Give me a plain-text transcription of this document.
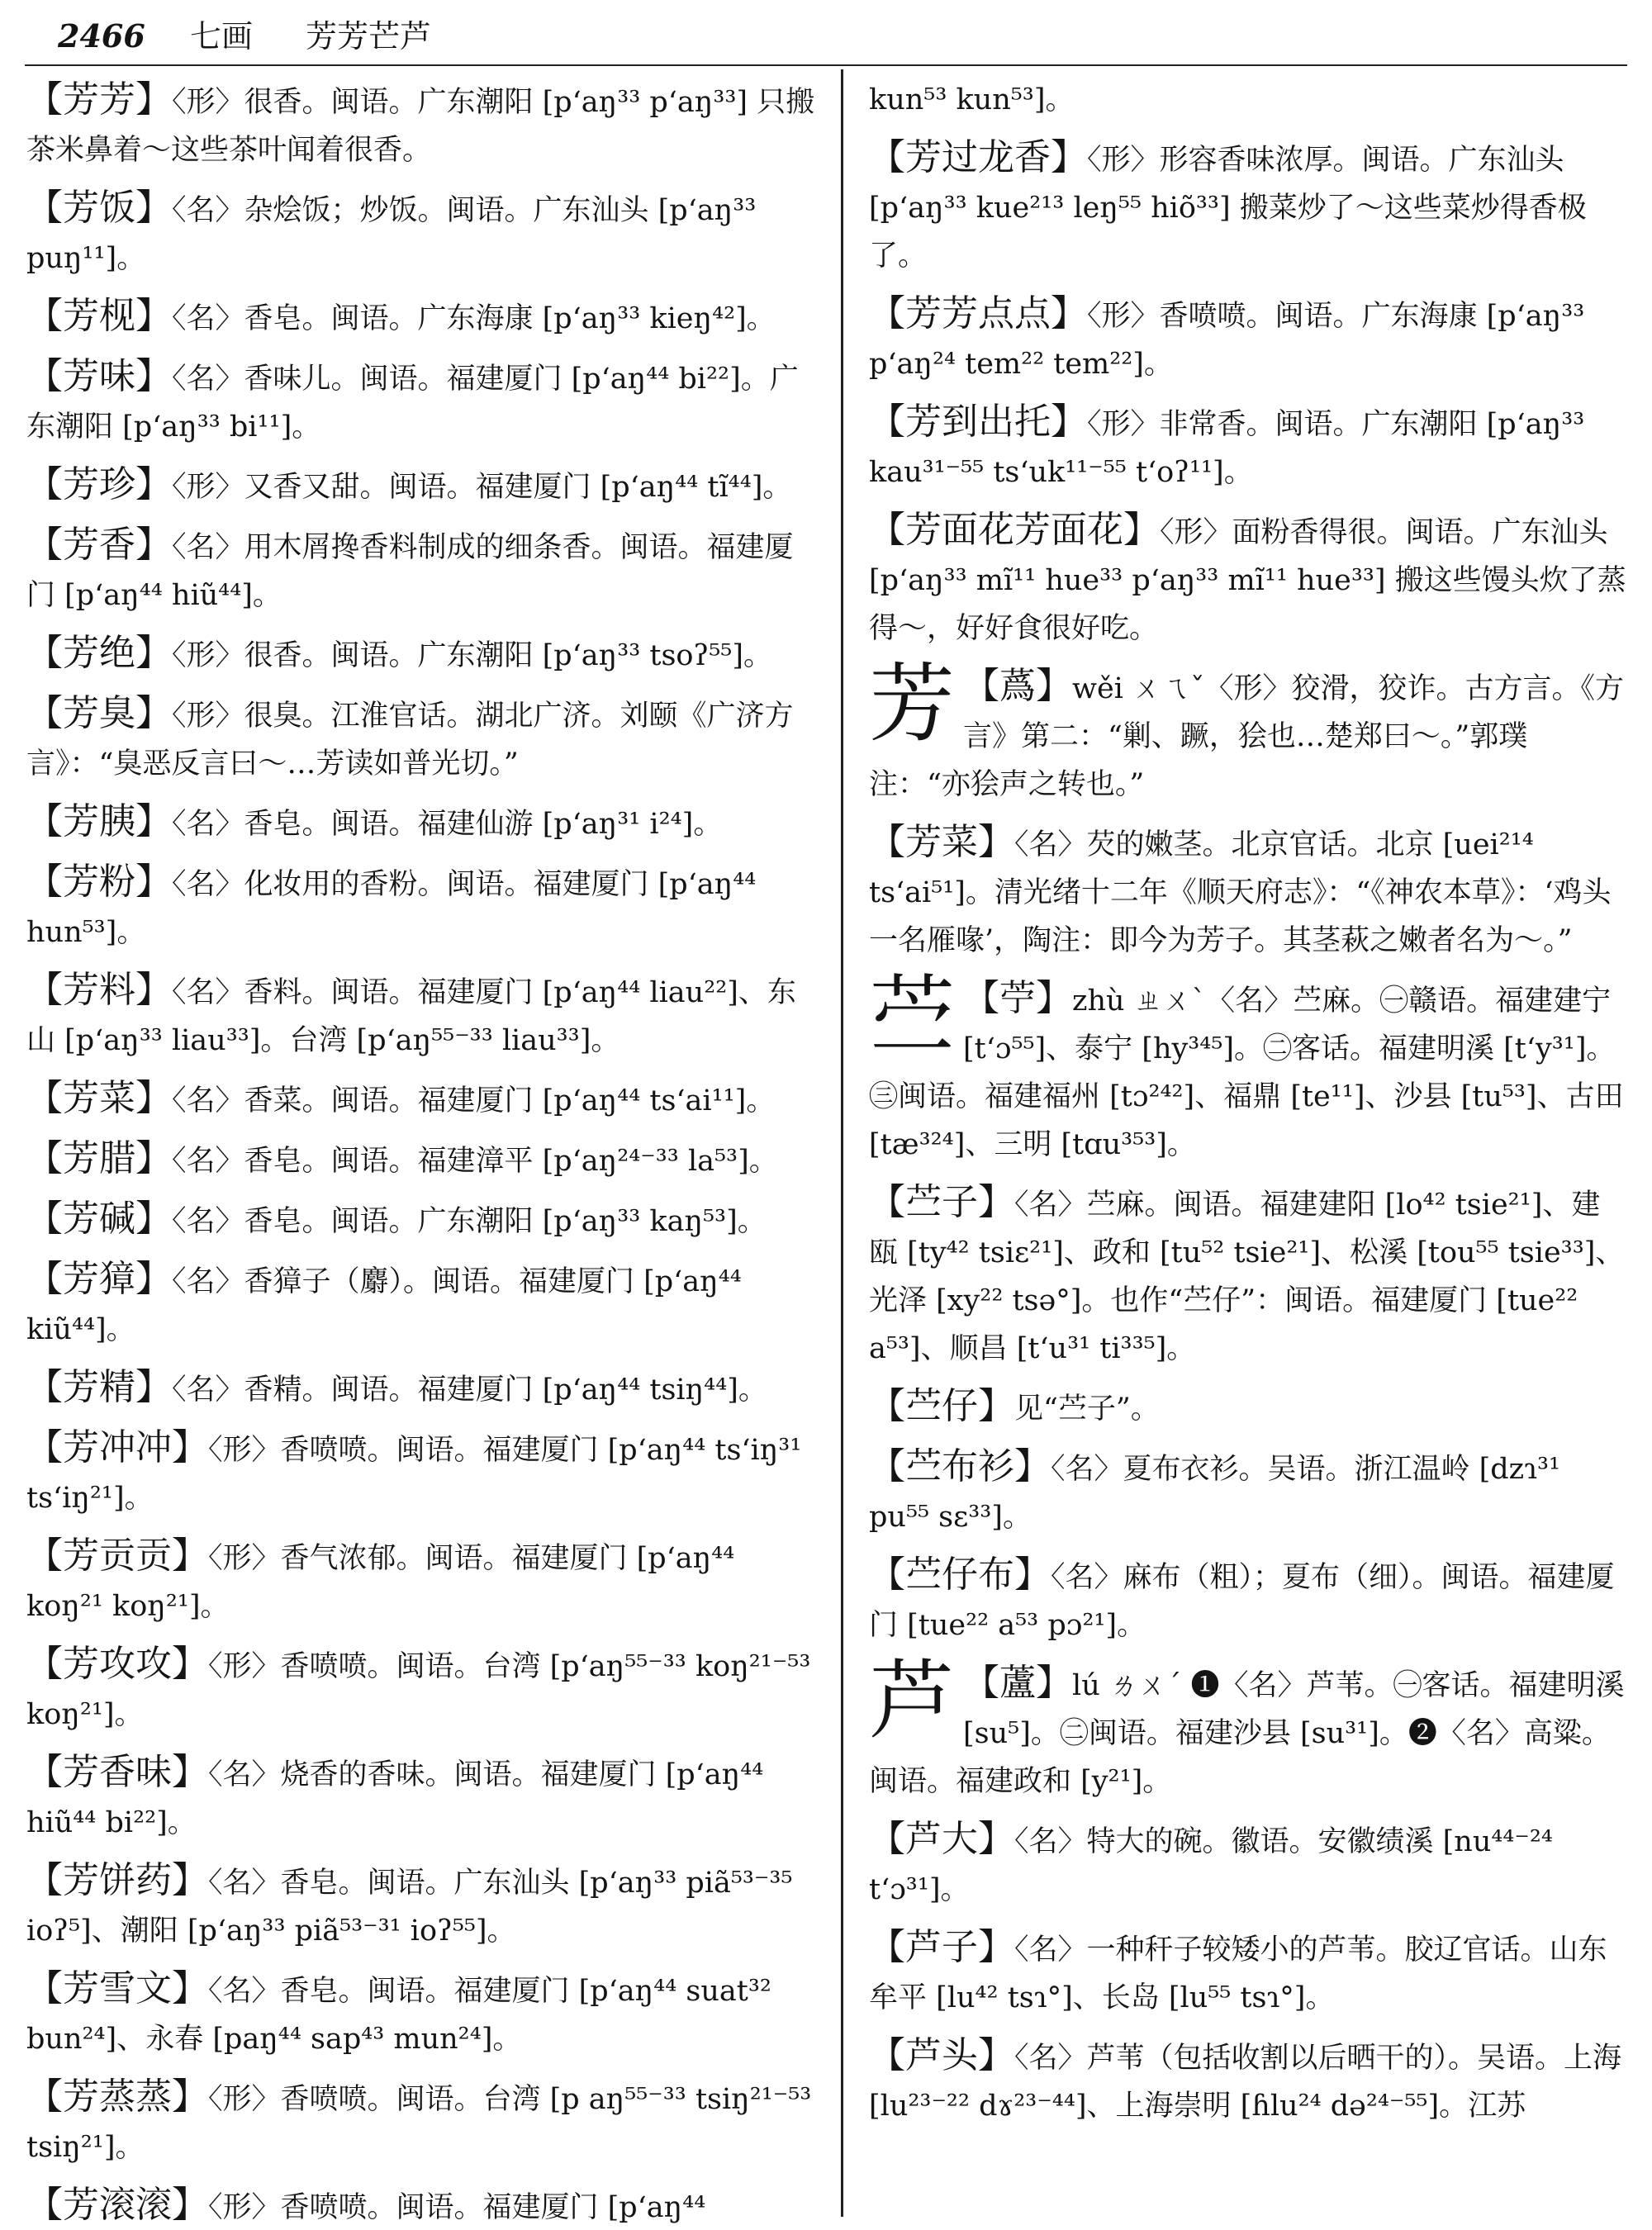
2466 七画 芳芳芒芦
【芳芳】〈形〉很香。闽语。广东潮阳 [p‘aŋ³³ p‘aŋ³³] 只搬茶米鼻着～这些茶叶闻着很香。
【芳饭】〈名〉杂烩饭；炒饭。闽语。广东汕头 [p‘aŋ³³ puŋ¹¹]。
【芳枧】〈名〉香皂。闽语。广东海康 [p‘aŋ³³ kieŋ⁴²]。
【芳味】〈名〉香味儿。闽语。福建厦门 [p‘aŋ⁴⁴ bi²²]。广东潮阳 [p‘aŋ³³ bi¹¹]。
【芳珍】〈形〉又香又甜。闽语。福建厦门 [p‘aŋ⁴⁴ tĩ⁴⁴]。
【芳香】〈名〉用木屑搀香料制成的细条香。闽语。福建厦门 [p‘aŋ⁴⁴ hiũ⁴⁴]。
【芳绝】〈形〉很香。闽语。广东潮阳 [p‘aŋ³³ tsoʔ⁵⁵]。
【芳臭】〈形〉很臭。江淮官话。湖北广济。刘颐《广济方言》：“臭恶反言曰～…芳读如普光切。”
【芳胰】〈名〉香皂。闽语。福建仙游 [p‘aŋ³¹ i²⁴]。
【芳粉】〈名〉化妆用的香粉。闽语。福建厦门 [p‘aŋ⁴⁴ hun⁵³]。
【芳料】〈名〉香料。闽语。福建厦门 [p‘aŋ⁴⁴ liau²²]、东山 [p‘aŋ³³ liau³³]。台湾 [p‘aŋ⁵⁵⁻³³ liau³³]。
【芳菜】〈名〉香菜。闽语。福建厦门 [p‘aŋ⁴⁴ ts‘ai¹¹]。
【芳腊】〈名〉香皂。闽语。福建漳平 [p‘aŋ²⁴⁻³³ la⁵³]。
【芳碱】〈名〉香皂。闽语。广东潮阳 [p‘aŋ³³ kaŋ⁵³]。
【芳獐】〈名〉香獐子（麝）。闽语。福建厦门 [p‘aŋ⁴⁴ kiũ⁴⁴]。
【芳精】〈名〉香精。闽语。福建厦门 [p‘aŋ⁴⁴ tsiŋ⁴⁴]。
【芳冲冲】〈形〉香喷喷。闽语。福建厦门 [p‘aŋ⁴⁴ ts‘iŋ³¹ ts‘iŋ²¹]。
【芳贡贡】〈形〉香气浓郁。闽语。福建厦门 [p‘aŋ⁴⁴ koŋ²¹ koŋ²¹]。
【芳攻攻】〈形〉香喷喷。闽语。台湾 [p‘aŋ⁵⁵⁻³³ koŋ²¹⁻⁵³ koŋ²¹]。
【芳香味】〈名〉烧香的香味。闽语。福建厦门 [p‘aŋ⁴⁴ hiũ⁴⁴ bi²²]。
【芳饼药】〈名〉香皂。闽语。广东汕头 [p‘aŋ³³ piã⁵³⁻³⁵ ioʔ⁵]、潮阳 [p‘aŋ³³ piã⁵³⁻³¹ ioʔ⁵⁵]。
【芳雪文】〈名〉香皂。闽语。福建厦门 [p‘aŋ⁴⁴ suat³² bun²⁴]、永春 [paŋ⁴⁴ sap⁴³ mun²⁴]。
【芳蒸蒸】〈形〉香喷喷。闽语。台湾 [p aŋ⁵⁵⁻³³ tsiŋ²¹⁻⁵³ tsiŋ²¹]。
【芳滚滚】〈形〉香喷喷。闽语。福建厦门 [p‘aŋ⁴⁴
kun⁵³ kun⁵³]。
【芳过龙香】〈形〉形容香味浓厚。闽语。广东汕头 [p‘aŋ³³ kue²¹³ leŋ⁵⁵ hiõ³³] 搬菜炒了～这些菜炒得香极了。
【芳芳点点】〈形〉香喷喷。闽语。广东海康 [p‘aŋ³³ p‘aŋ²⁴ tem²² tem²²]。
【芳到出托】〈形〉非常香。闽语。广东潮阳 [p‘aŋ³³ kau³¹⁻⁵⁵ ts‘uk¹¹⁻⁵⁵ t‘oʔ¹¹]。
【芳面花芳面花】〈形〉面粉香得很。闽语。广东汕头 [p‘aŋ³³ mĩ¹¹ hue³³ p‘aŋ³³ mĩ¹¹ hue³³] 搬这些馒头炊了蒸得～，好好食很好吃。
芳 【蔿】wěi ㄨㄟˇ〈形〉狡滑，狡诈。古方言。《方言》第二：“剿、蹶，狯也…楚郑曰～。”郭璞注：“亦狯声之转也。”
【芳菜】〈名〉芡的嫩茎。北京官话。北京 [uei²¹⁴ ts‘ai⁵¹]。清光绪十二年《顺天府志》：“《神农本草》：‘鸡头一名雁喙’，陶注：即今为芳子。其茎萩之嫩者名为～。”
苎 【苧】zhù ㄓㄨˋ〈名〉苎麻。㊀赣语。福建建宁 [t‘ɔ⁵⁵]、泰宁 [hy³⁴⁵]。㊁客话。福建明溪 [t‘y³¹]。㊂闽语。福建福州 [tɔ²⁴²]、福鼎 [te¹¹]、沙县 [tu⁵³]、古田 [tæ³²⁴]、三明 [tɑu³⁵³]。
【苎子】〈名〉苎麻。闽语。福建建阳 [lo⁴² tsie²¹]、建瓯 [ty⁴² tsiɛ²¹]、政和 [tu⁵² tsie²¹]、松溪 [tou⁵⁵ tsie³³]、光泽 [xy²² tsə°]。也作“苎仔”：闽语。福建厦门 [tue²² a⁵³]、顺昌 [t‘u³¹ ti³³⁵]。
【苎仔】见“苎子”。
【苎布衫】〈名〉夏布衣衫。吴语。浙江温岭 [dzɿ³¹ pu⁵⁵ sɛ³³]。
【苎仔布】〈名〉麻布（粗）；夏布（细）。闽语。福建厦门 [tue²² a⁵³ pɔ²¹]。
芦 【蘆】lú ㄌㄨˊ ❶〈名〉芦苇。㊀客话。福建明溪 [su⁵]。㊁闽语。福建沙县 [su³¹]。❷〈名〉高粱。闽语。福建政和 [y²¹]。
【芦大】〈名〉特大的碗。徽语。安徽绩溪 [nu⁴⁴⁻²⁴ t‘ɔ³¹]。
【芦子】〈名〉一种秆子较矮小的芦苇。胶辽官话。山东牟平 [lu⁴² tsɿ°]、长岛 [lu⁵⁵ tsɿ°]。
【芦头】〈名〉芦苇（包括收割以后晒干的）。吴语。上海 [lu²³⁻²² dɤ²³⁻⁴⁴]、上海崇明 [ɦlu²⁴ də²⁴⁻⁵⁵]。江苏
